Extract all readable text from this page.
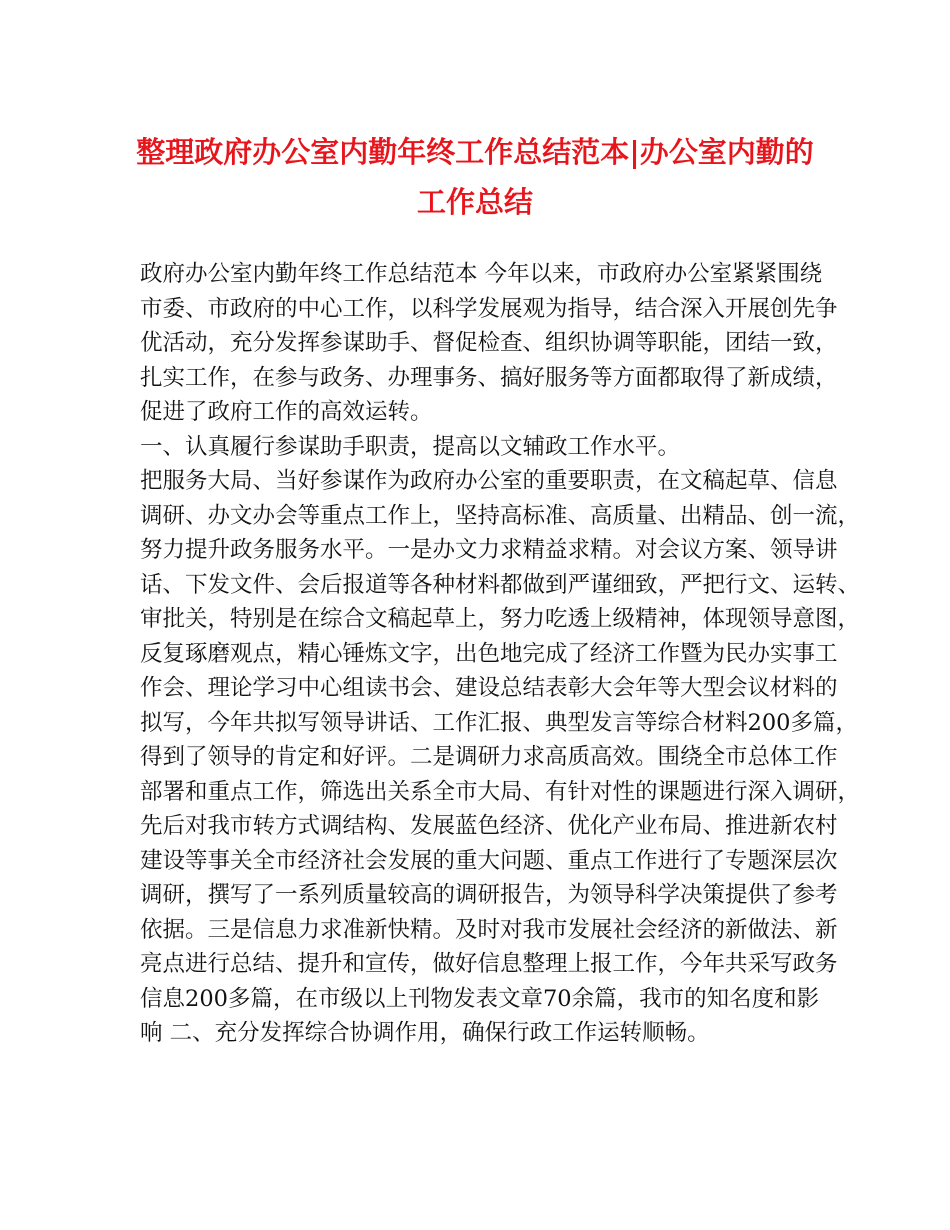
整理政府办公室内勤年终工作总结范本|办公室内勤的
工作总结
政府办公室内勤年终工作总结范本 今年以来，市政府办公室紧紧围绕
市委、市政府的中心工作，以科学发展观为指导，结合深入开展创先争
优活动，充分发挥参谋助手、督促检查、组织协调等职能，团结一致，
扎实工作，在参与政务、办理事务、搞好服务等方面都取得了新成绩，
促进了政府工作的高效运转。
一、认真履行参谋助手职责，提高以文辅政工作水平。
把服务大局、当好参谋作为政府办公室的重要职责，在文稿起草、信息
调研、办文办会等重点工作上，坚持高标准、高质量、出精品、创一流，
努力提升政务服务水平。一是办文力求精益求精。对会议方案、领导讲
话、下发文件、会后报道等各种材料都做到严谨细致，严把行文、运转、
审批关，特别是在综合文稿起草上，努力吃透上级精神，体现领导意图，
反复琢磨观点，精心锤炼文字，出色地完成了经济工作暨为民办实事工
作会、理论学习中心组读书会、建设总结表彰大会年等大型会议材料的
拟写，今年共拟写领导讲话、工作汇报、典型发言等综合材料200多篇，
得到了领导的肯定和好评。二是调研力求高质高效。围绕全市总体工作
部署和重点工作，筛选出关系全市大局、有针对性的课题进行深入调研，
先后对我市转方式调结构、发展蓝色经济、优化产业布局、推进新农村
建设等事关全市经济社会发展的重大问题、重点工作进行了专题深层次
调研，撰写了一系列质量较高的调研报告，为领导科学决策提供了参考
依据。三是信息力求准新快精。及时对我市发展社会经济的新做法、新
亮点进行总结、提升和宣传，做好信息整理上报工作，今年共采写政务
信息200多篇，在市级以上刊物发表文章70余篇，我市的知名度和影
响 二、充分发挥综合协调作用，确保行政工作运转顺畅。
